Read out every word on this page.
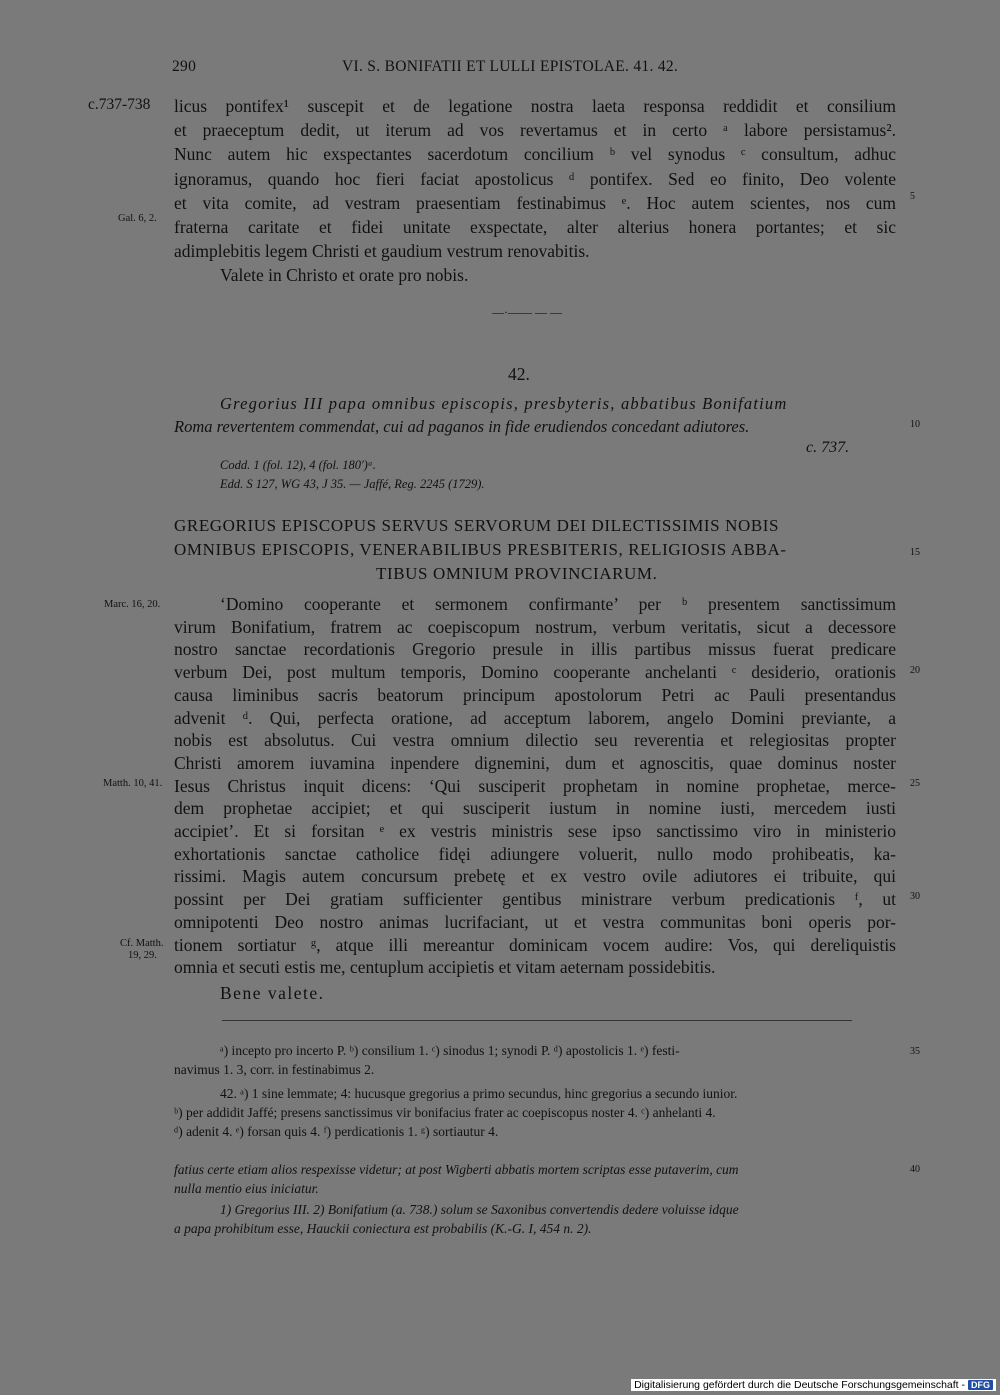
290	VI. S. BONIFATII ET LULLI EPISTOLAE. 41. 42.
c.737-738 licus pontifex¹ suscepit et de legatione nostra laeta responsa reddidit et consilium
et praeceptum dedit, ut iterum ad vos revertamus et in certo ᵃ labore persistamus².
Nunc autem hic exspectantes sacerdotum concilium ᵇ vel synodus ᶜ consultum, adhuc
ignoramus, quando hoc fieri faciat apostolicus ᵈ pontifex. Sed eo finito, Deo volente
et vita comite, ad vestram praesentiam festinabimus ᵉ. Hoc autem scientes, nos cum
fraterna caritate et fidei unitate exspectate, alter alterius honera portantes; et sic
adimplebitis legem Christi et gaudium vestrum renovabitis.
Valete in Christo et orate pro nobis.
Gal. 6, 2.
5
—·—— — —
42.
Gregorius III papa omnibus episcopis, presbyteris, abbatibus Bonifatium
Roma revertentem commendat, cui ad paganos in fide erudiendos concedant adiutores.	10
c. 737.
Codd. 1 (fol. 12), 4 (fol. 180')ᵃ.
Edd. S 127, WG 43, J 35. — Jaffé, Reg. 2245 (1729).
GREGORIUS EPISCOPUS SERVUS SERVORUM DEI DILECTISSIMIS NOBIS
OMNIBUS EPISCOPIS, VENERABILIBUS PRESBITERIS, RELIGIOSIS ABBA-
TIBUS OMNIUM PROVINCIARUM.
15
‘Domino cooperante et sermonem confirmante’ per ᵇ presentem sanctissimum
virum Bonifatium, fratrem ac coepiscopum nostrum, verbum veritatis, sicut a decessore
nostro sanctae recordationis Gregorio presule in illis partibus missus fuerat predicare
verbum Dei, post multum temporis, Domino cooperante anchelanti ᶜ desiderio, orationis
causa liminibus sacris beatorum principum apostolorum Petri ac Pauli presentandus
advenit ᵈ. Qui, perfecta oratione, ad acceptum laborem, angelo Domini previante, a
nobis est absolutus. Cui vestra omnium dilectio seu reverentia et relegiositas propter
Christi amorem iuvamina inpendere dignemini, dum et agnoscitis, quae dominus noster
Iesus Christus inquit dicens: ‘Qui susciperit prophetam in nomine prophetae, merce-
dem prophetae accipiet; et qui susciperit iustum in nomine iusti, mercedem iusti
accipiet’. Et si forsitan ᵉ ex vestris ministris sese ipso sanctissimo viro in ministerio
exhortationis sanctae catholice fidęi adiungere voluerit, nullo modo prohibeatis, ka-
rissimi. Magis autem concursum prebetę et ex vestro ovile adiutores ei tribuite, qui
possint per Dei gratiam sufficienter gentibus ministrare verbum predicationis ᶠ, ut
omnipotenti Deo nostro animas lucrifaciant, ut et vestra communitas boni operis por-
tionem sortiatur ᵍ, atque illi mereantur dominicam vocem audire: Vos, qui dereliquistis
omnia et secuti estis me, centuplum accipietis et vitam aeternam possidebitis.
Bene valete.
Marc. 16, 20.
Matth. 10, 41.
Cf. Matth.
19, 29.
20
25
30
ᵃ) incepto pro incerto P. ᵇ) consilium 1. ᶜ) sinodus 1; synodi P. ᵈ) apostolicis 1. ᵉ) festi-
navimus 1. 3, corr. in festinabimus 2.
35
42. ᵃ) 1 sine lemmate; 4: hucusque gregorius a primo secundus, hinc gregorius a secundo iunior.
ᵇ) per addidit Jaffé; presens sanctissimus vir bonifacius frater ac coepiscopus noster 4. ᶜ) anhelanti 4.
ᵈ) adenit 4. ᵉ) forsan quis 4. ᶠ) perdicationis 1. ᵍ) sortiautur 4.
fatius certe etiam alios respexisse videtur; at post Wigberti abbatis mortem scriptas esse putaverim, cum
nulla mentio eius iniciatur.
40
1) Gregorius III. 2) Bonifatium (a. 738.) solum se Saxonibus convertendis dedere voluisse idque
a papa prohibitum esse, Hauckii coniectura est probabilis (K.-G. I, 454 n. 2).
Digitalisierung gefördert durch die Deutsche Forschungsgemeinschaft - DFG
